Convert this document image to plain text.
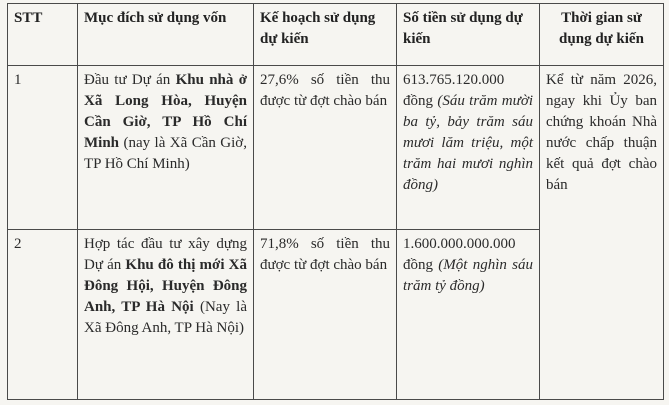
STT	Mục đích sử dụng vốn	Kế hoạch sử dụng dự kiến	Số tiền sử dụng dự kiến	Thời gian sử dụng dự kiến
1	Đầu tư Dự án Khu nhà ở Xã Long Hòa, Huyện Cần Giờ, TP Hồ Chí Minh (nay là Xã Cần Giờ, TP Hồ Chí Minh)	27,6% số tiền thu được từ đợt chào bán	613.765.120.000 đồng (Sáu trăm mười ba tỷ, bảy trăm sáu mươi lăm triệu, một trăm hai mươi nghìn đồng)	Kể từ năm 2026, ngay khi Ủy ban chứng khoán Nhà nước chấp thuận kết quả đợt chào bán
2	Hợp tác đầu tư xây dựng Dự án Khu đô thị mới Xã Đông Hội, Huyện Đông Anh, TP Hà Nội (Nay là Xã Đông Anh, TP Hà Nội)	71,8% số tiền thu được từ đợt chào bán	1.600.000.000.000 đồng (Một nghìn sáu trăm tỷ đồng)	
